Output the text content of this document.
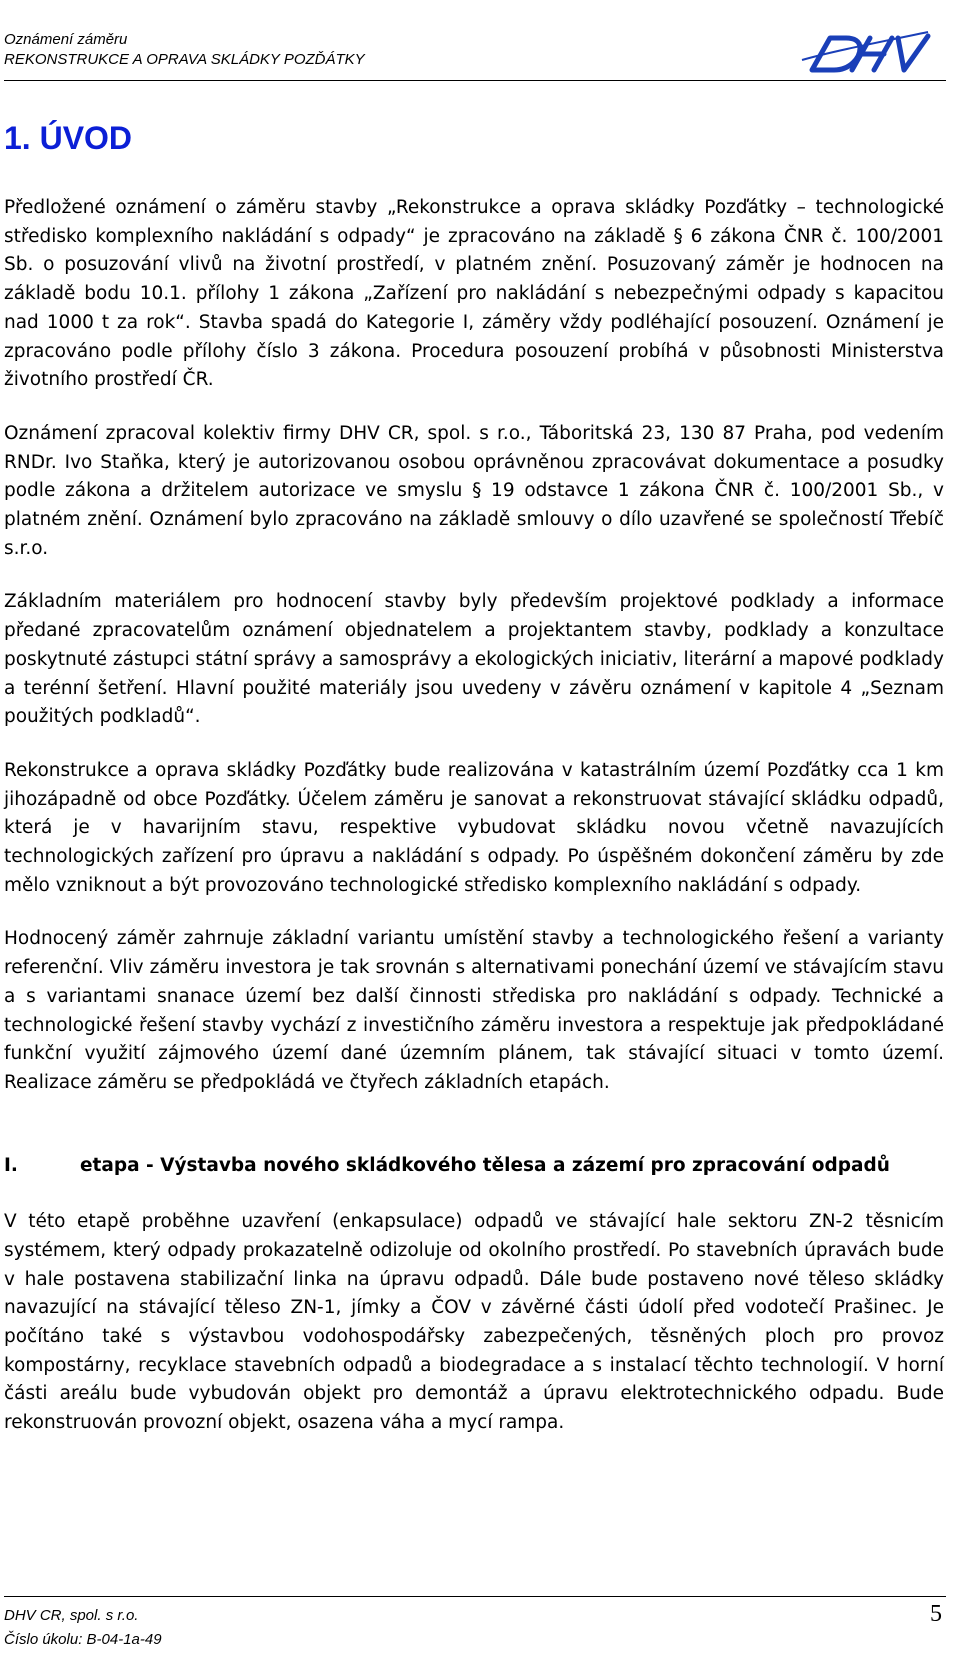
Oznámení záměru
REKONSTRUKCE A OPRAVA SKLÁDKY POZĎÁTKY
1. ÚVOD

Předložené oznámení o záměru stavby „Rekonstrukce a oprava skládky Pozďátky – technologické středisko komplexního nakládání s odpady“ je zpracováno na základě § 6 zákona ČNR č. 100/2001 Sb. o posuzování vlivů na životní prostředí, v platném znění. Posuzovaný záměr je hodnocen na základě bodu 10.1. přílohy 1 zákona „Zařízení pro nakládání s nebezpečnými odpady s kapacitou nad 1000 t za rok“. Stavba spadá do Kategorie I, záměry vždy podléhající posouzení. Oznámení je zpracováno podle přílohy číslo 3 zákona. Procedura posouzení probíhá v působnosti Ministerstva životního prostředí ČR.

Oznámení zpracoval kolektiv firmy DHV CR, spol. s r.o., Táboritská 23, 130 87 Praha, pod vedením RNDr. Ivo Staňka, který je autorizovanou osobou oprávněnou zpracovávat dokumentace a posudky podle zákona a držitelem autorizace ve smyslu § 19 odstavce 1 zákona ČNR č. 100/2001 Sb., v platném znění. Oznámení bylo zpracováno na základě smlouvy o dílo uzavřené se společností Třebíč s.r.o.

Základním materiálem pro hodnocení stavby byly především projektové podklady a informace předané zpracovatelům oznámení objednatelem a projektantem stavby, podklady a konzultace poskytnuté zástupci státní správy a samosprávy a ekologických iniciativ, literární a mapové podklady a terénní šetření. Hlavní použité materiály jsou uvedeny v závěru oznámení v kapitole 4 „Seznam použitých podkladů“.

Rekonstrukce a oprava skládky Pozďátky bude realizována v katastrálním území Pozďátky cca 1 km jihozápadně od obce Pozďátky. Účelem záměru je sanovat a rekonstruovat stávající skládku odpadů, která je v havarijním stavu, respektive vybudovat skládku novou včetně navazujících technologických zařízení pro úpravu a nakládání s odpady. Po úspěšném dokončení záměru by zde mělo vzniknout a být provozováno technologické středisko komplexního nakládání s odpady.

Hodnocený záměr zahrnuje základní variantu umístění stavby a technologického řešení a varianty referenční. Vliv záměru investora je tak srovnán s alternativami ponechání území ve stávajícím stavu a s variantami snanace území bez další činnosti střediska pro nakládání s odpady. Technické a technologické řešení stavby vychází z investičního záměru investora a respektuje jak předpokládané funkční využití zájmového území dané územním plánem, tak stávající situaci v tomto území. Realizace záměru se předpokládá ve čtyřech základních etapách.

I.	etapa - Výstavba nového skládkového tělesa a zázemí pro zpracování odpadů

V této etapě proběhne uzavření (enkapsulace) odpadů ve stávající hale sektoru ZN-2 těsnicím systémem, který odpady prokazatelně odizoluje od okolního prostředí. Po stavebních úpravách bude v hale postavena stabilizační linka na úpravu odpadů. Dále bude postaveno nové těleso skládky navazující na stávající těleso ZN-1, jímky a ČOV v závěrné části údolí před vodotečí Prašinec. Je počítáno také s výstavbou vodohospodářsky zabezpečených, těsněných ploch pro provoz kompostárny, recyklace stavebních odpadů a biodegradace a s instalací těchto technologií. V horní části areálu bude vybudován objekt pro demontáž a úpravu elektrotechnického odpadu. Bude rekonstruován provozní objekt, osazena váha a mycí rampa.

DHV CR, spol. s r.o.
Číslo úkolu: B-04-1a-49
5
